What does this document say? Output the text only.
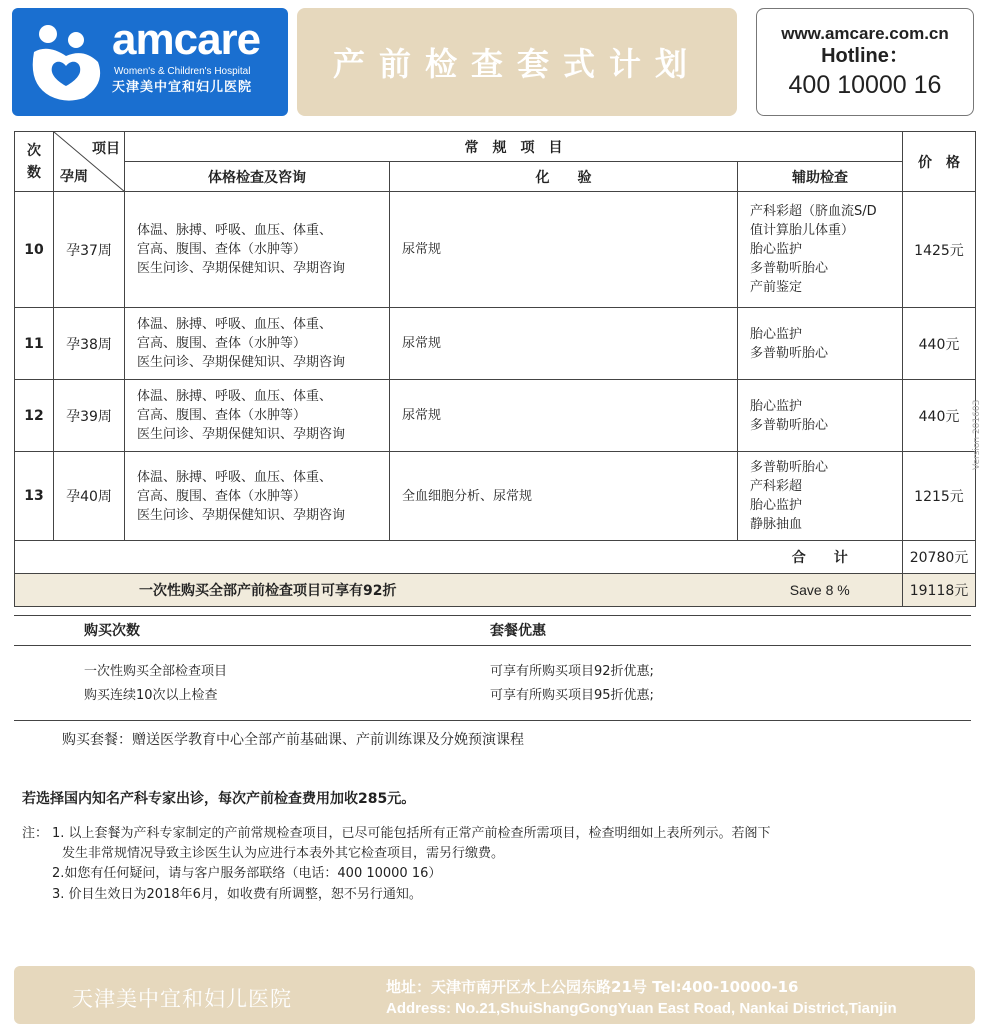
amcare
Women's & Children's Hospital
天津美中宜和妇儿医院
产前检查套式计划
www.amcare.com.cn
Hotline：
400 10000 16
次数	项目
孕周	常　规　项　目			价　格
		体格检查及咨询	化　　验	辅助检查	
10	孕37周	体温、脉搏、呼吸、血压、体重、
宫高、腹围、查体（水肿等）
医生问诊、孕期保健知识、孕期咨询	尿常规	产科彩超（脐血流S/D
值计算胎儿体重）
胎心监护
多普勒听胎心
产前鉴定	1425元
11	孕38周	体温、脉搏、呼吸、血压、体重、
宫高、腹围、查体（水肿等）
医生问诊、孕期保健知识、孕期咨询	尿常规	胎心监护
多普勒听胎心	440元
12	孕39周	体温、脉搏、呼吸、血压、体重、
宫高、腹围、查体（水肿等）
医生问诊、孕期保健知识、孕期咨询	尿常规	胎心监护
多普勒听胎心	440元
13	孕40周	体温、脉搏、呼吸、血压、体重、
宫高、腹围、查体（水肿等）
医生问诊、孕期保健知识、孕期咨询	全血细胞分析、尿常规	多普勒听胎心
产科彩超
胎心监护
静脉抽血	1215元
				合　　计	20780元
一次性购买全部产前检查项目可享有92折				Save 8 %	19118元
购买次数	套餐优惠
一次性购买全部检查项目	可享有所购买项目92折优惠;
购买连续10次以上检查	可享有所购买项目95折优惠;
购买套餐：赠送医学教育中心全部产前基础课、产前训练课及分娩预演课程
若选择国内知名产科专家出诊，每次产前检查费用加收285元。
注： 1. 以上套餐为产科专家制定的产前常规检查项目，已尽可能包括所有正常产前检查所需项目，检查明细如上表所列示。若阁下
发生非常规情况导致主诊医生认为应进行本表外其它检查项目，需另行缴费。
2.如您有任何疑问，请与客户服务部联络（电话：400 10000 16）
3. 价目生效日为2018年6月，如收费有所调整，恕不另行通知。
Version 201603
天津美中宜和妇儿医院	地址：天津市南开区水上公园东路21号 Tel:400-10000-16
Address: No.21,ShuiShangGongYuan East Road, Nankai District,Tianjin
